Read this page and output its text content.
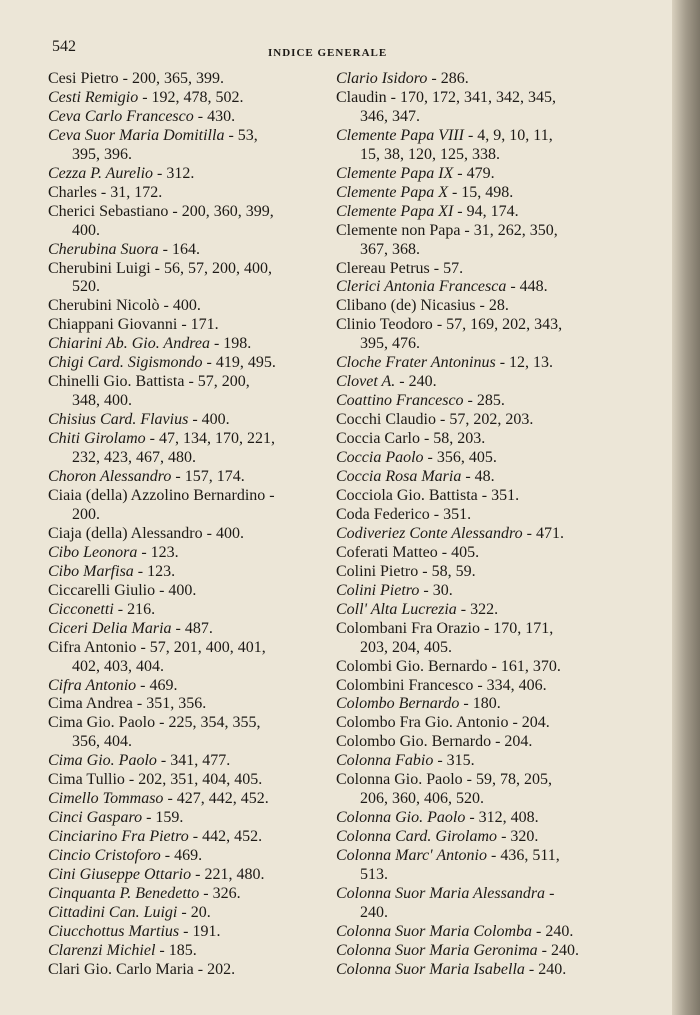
542	INDICE GENERALE

Cesi Pietro - 200, 365, 399.

Cesti Remigio - 192, 478, 502.

Ceva Carlo Francesco - 430.

Ceva Suor Maria Domitilla - 53,

395, 396.

Cezza P. Aurelio - 312.

Charles - 31, 172.

Cherici Sebastiano - 200, 360, 399,

400.

Cherubina Suora - 164.

Cherubini Luigi - 56, 57, 200, 400,

520.

Cherubini Nicolò - 400.

Chiappani Giovanni - 171.

Chiarini Ab. Gio. Andrea - 198.

Chigi Card. Sigismondo - 419, 495.

Chinelli Gio. Battista - 57, 200,

348, 400.

Chisius Card. Flavius - 400.

Chiti Girolamo - 47, 134, 170, 221,

232, 423, 467, 480.

Choron Alessandro - 157, 174.

Ciaia (della) Azzolino Bernardino -

200.

Ciaja (della) Alessandro - 400.

Cibo Leonora - 123.

Cibo Marfisa - 123.

Ciccarelli Giulio - 400.

Cicconetti - 216.

Ciceri Delia Maria - 487.

Cifra Antonio - 57, 201, 400, 401,

402, 403, 404.

Cifra Antonio - 469.

Cima Andrea - 351, 356.

Cima Gio. Paolo - 225, 354, 355,

356, 404.

Cima Gio. Paolo - 341, 477.

Cima Tullio - 202, 351, 404, 405.

Cimello Tommaso - 427, 442, 452.

Cinci Gasparo - 159.

Cinciarino Fra Pietro - 442, 452.

Cincio Cristoforo - 469.

Cini Giuseppe Ottario - 221, 480.

Cinquanta P. Benedetto - 326.

Cittadini Can. Luigi - 20.

Ciucchottus Martius - 191.

Clarenzi Michiel - 185.

Clari Gio. Carlo Maria - 202.

Clario Isidoro - 286.

Claudin - 170, 172, 341, 342, 345,

346, 347.

Clemente Papa VIII - 4, 9, 10, 11,

15, 38, 120, 125, 338.

Clemente Papa IX - 479.

Clemente Papa X - 15, 498.

Clemente Papa XI - 94, 174.

Clemente non Papa - 31, 262, 350,

367, 368.

Clereau Petrus - 57.

Clerici Antonia Francesca - 448.

Clibano (de) Nicasius - 28.

Clinio Teodoro - 57, 169, 202, 343,

395, 476.

Cloche Frater Antoninus - 12, 13.

Clovet A. - 240.

Coattino Francesco - 285.

Cocchi Claudio - 57, 202, 203.

Coccia Carlo - 58, 203.

Coccia Paolo - 356, 405.

Coccia Rosa Maria - 48.

Cocciola Gio. Battista - 351.

Coda Federico - 351.

Codiveriez Conte Alessandro - 471.

Coferati Matteo - 405.

Colini Pietro - 58, 59.

Colini Pietro - 30.

Coll' Alta Lucrezia - 322.

Colombani Fra Orazio - 170, 171,

203, 204, 405.

Colombi Gio. Bernardo - 161, 370.

Colombini Francesco - 334, 406.

Colombo Bernardo - 180.

Colombo Fra Gio. Antonio - 204.

Colombo Gio. Bernardo - 204.

Colonna Fabio - 315.

Colonna Gio. Paolo - 59, 78, 205,

206, 360, 406, 520.

Colonna Gio. Paolo - 312, 408.

Colonna Card. Girolamo - 320.

Colonna Marc' Antonio - 436, 511,

513.

Colonna Suor Maria Alessandra -

240.

Colonna Suor Maria Colomba - 240.

Colonna Suor Maria Geronima - 240.

Colonna Suor Maria Isabella - 240.
